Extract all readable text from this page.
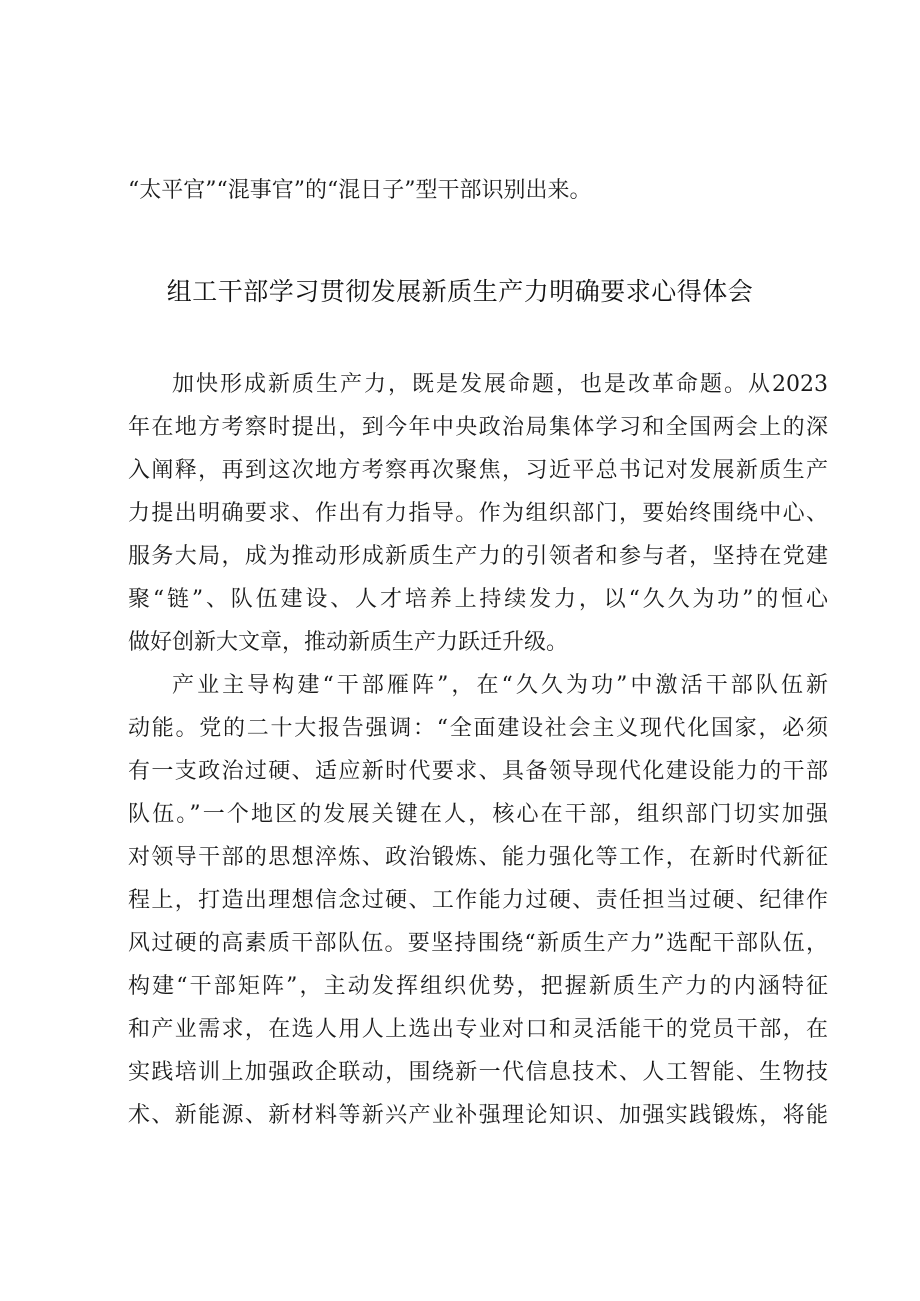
“太平官”“混事官”的“混日子”型干部识别出来。
组工干部学习贯彻发展新质生产力明确要求心得体会
加快形成新质生产力，既是发展命题，也是改革命题。从2023
年在地方考察时提出，到今年中央政治局集体学习和全国两会上的深
入阐释，再到这次地方考察再次聚焦，习近平总书记对发展新质生产
力提出明确要求、作出有力指导。作为组织部门，要始终围绕中心、
服务大局，成为推动形成新质生产力的引领者和参与者，坚持在党建
聚“链”、队伍建设、人才培养上持续发力，以“久久为功”的恒心
做好创新大文章，推动新质生产力跃迁升级。
产业主导构建“干部雁阵”，在“久久为功”中激活干部队伍新
动能。党的二十大报告强调：“全面建设社会主义现代化国家，必须
有一支政治过硬、适应新时代要求、具备领导现代化建设能力的干部
队伍。”一个地区的发展关键在人，核心在干部，组织部门切实加强
对领导干部的思想淬炼、政治锻炼、能力强化等工作，在新时代新征
程上，打造出理想信念过硬、工作能力过硬、责任担当过硬、纪律作
风过硬的高素质干部队伍。要坚持围绕“新质生产力”选配干部队伍，
构建“干部矩阵”，主动发挥组织优势，把握新质生产力的内涵特征
和产业需求，在选人用人上选出专业对口和灵活能干的党员干部，在
实践培训上加强政企联动，围绕新一代信息技术、人工智能、生物技
术、新能源、新材料等新兴产业补强理论知识、加强实践锻炼，将能
